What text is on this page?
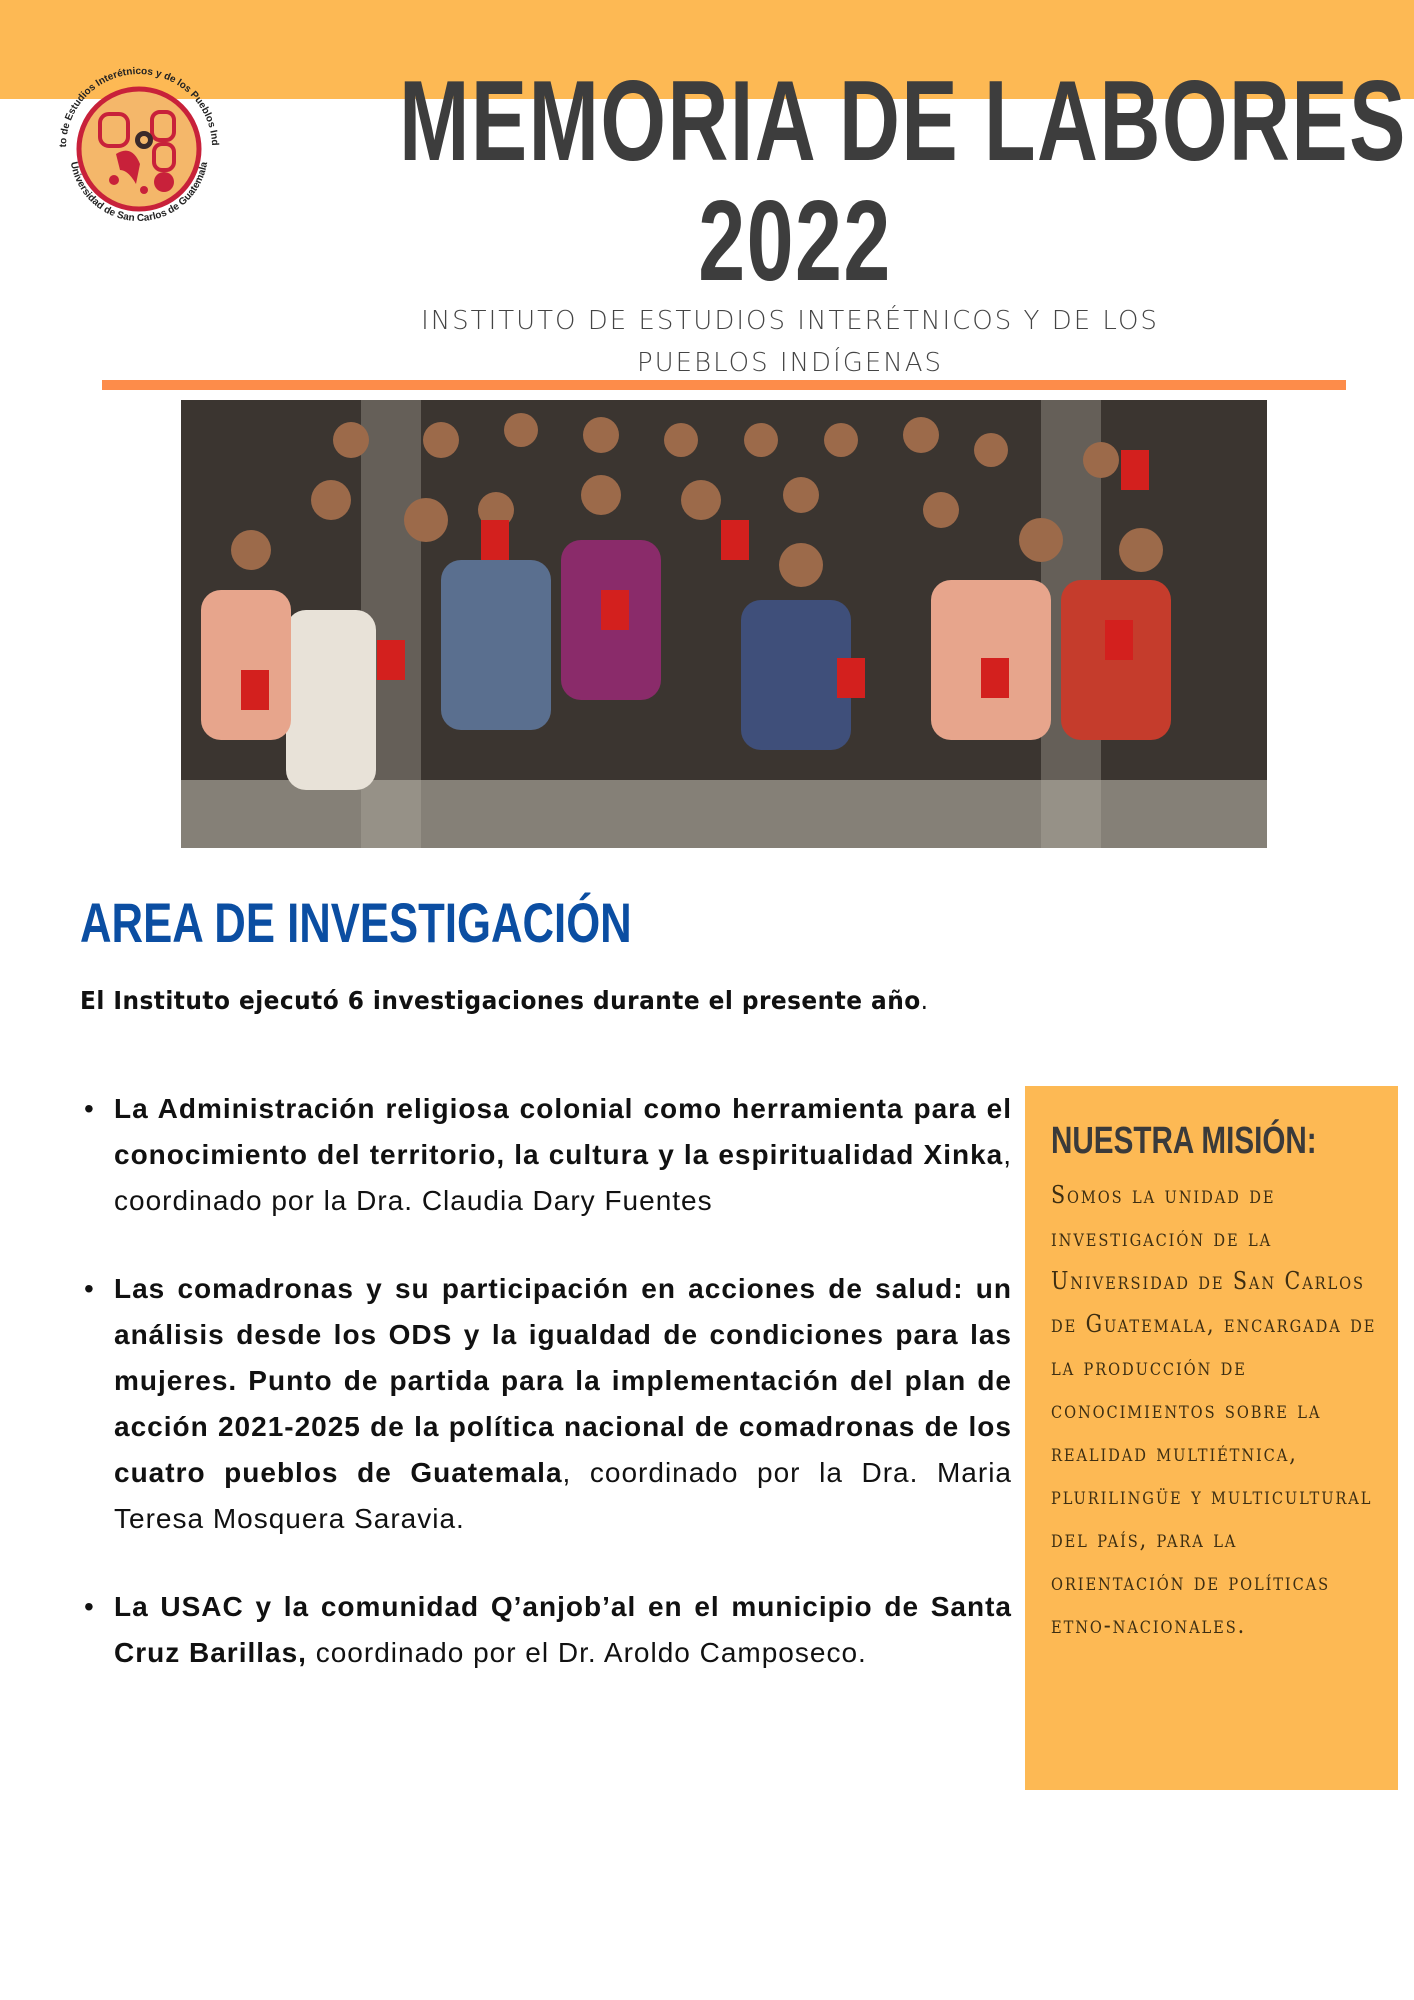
to de Estudios Interétnicos y de los Pueblos Ind
Universidad de San Carlos de Guatemala MEMORIA DE LABORES
2022
INSTITUTO DE ESTUDIOS INTERÉTNICOS Y DE LOS
PUEBLOS INDÍGENAS
AREA DE INVESTIGACIÓN
El Instituto ejecutó 6 investigaciones durante el presente año.
• La Administración religiosa colonial como herramienta para el conocimiento del territorio, la cultura y la espiritualidad Xinka, coordinado por la Dra. Claudia Dary Fuentes
• Las comadronas y su participación en acciones de salud: un análisis desde los ODS y la igualdad de condiciones para las mujeres. Punto de partida para la implementación del plan de acción 2021-2025 de la política nacional de comadronas de los cuatro pueblos de Guatemala, coordinado por la Dra. Maria Teresa Mosquera Saravia.
• La USAC y la comunidad Q’anjob’al en el municipio de Santa Cruz Barillas, coordinado por el Dr. Aroldo Camposeco.
NUESTRA MISIÓN:
Somos la unidad de investigación de la Universidad de San Carlos de Guatemala, encargada de la producción de conocimientos sobre la realidad multiétnica, plurilingüe y multicultural del país, para la orientación de políticas etno-nacionales.
